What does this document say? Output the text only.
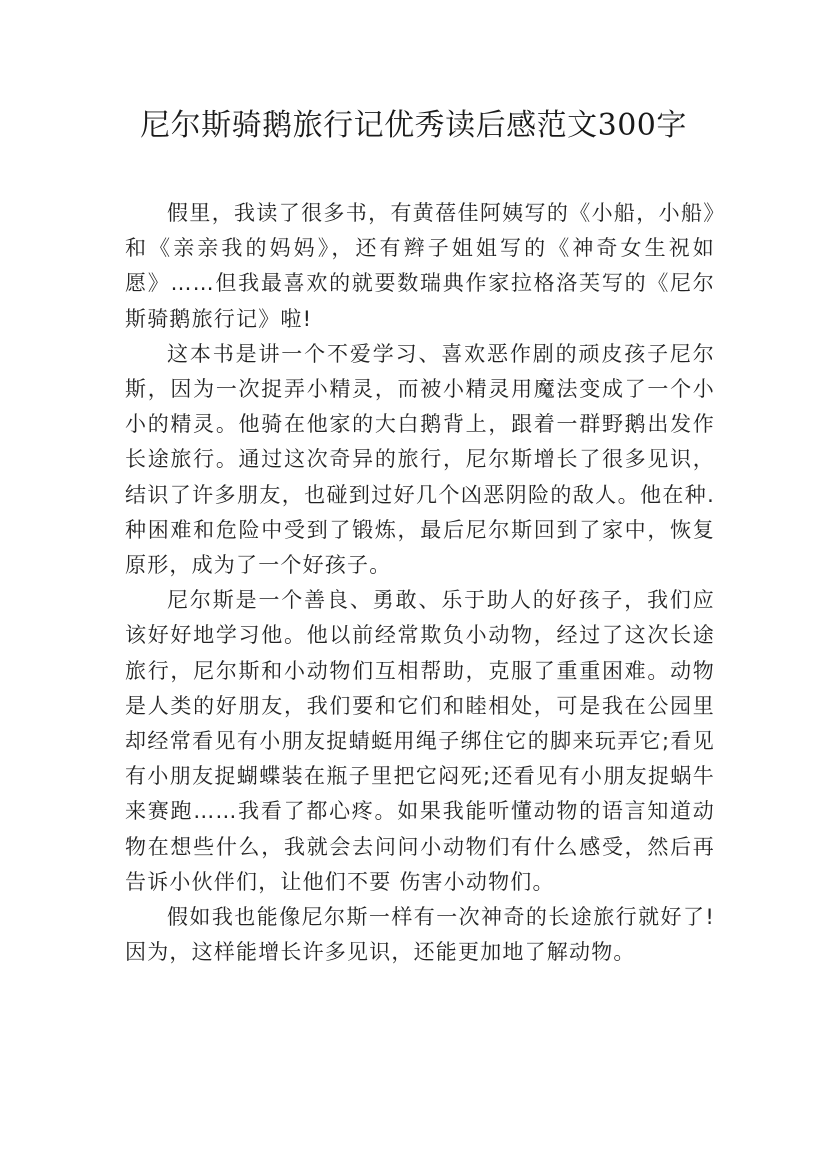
尼尔斯骑鹅旅行记优秀读后感范文300字

假里，我读了很多书，有黄蓓佳阿姨写的《小船，小船》和《亲亲我的妈妈》，还有辫子姐姐写的《神奇女生祝如愿》……但我最喜欢的就要数瑞典作家拉格洛芙写的《尼尔斯骑鹅旅行记》啦!

这本书是讲一个不爱学习、喜欢恶作剧的顽皮孩子尼尔斯，因为一次捉弄小精灵，而被小精灵用魔法变成了一个小小的精灵。他骑在他家的大白鹅背上，跟着一群野鹅出发作长途旅行。通过这次奇异的旅行，尼尔斯增长了很多见识，结识了许多朋友，也碰到过好几个凶恶阴险的敌人。他在种.种困难和危险中受到了锻炼，最后尼尔斯回到了家中，恢复原形，成为了一个好孩子。

尼尔斯是一个善良、勇敢、乐于助人的好孩子，我们应该好好地学习他。他以前经常欺负小动物，经过了这次长途旅行，尼尔斯和小动物们互相帮助，克服了重重困难。动物是人类的好朋友，我们要和它们和睦相处，可是我在公园里却经常看见有小朋友捉蜻蜓用绳子绑住它的脚来玩弄它;看见有小朋友捉蝴蝶装在瓶子里把它闷死;还看见有小朋友捉蜗牛来赛跑……我看了都心疼。如果我能听懂动物的语言知道动物在想些什么，我就会去问问小动物们有什么感受，然后再告诉小伙伴们，让他们不要 伤害小动物们。

假如我也能像尼尔斯一样有一次神奇的长途旅行就好了!因为，这样能增长许多见识，还能更加地了解动物。
